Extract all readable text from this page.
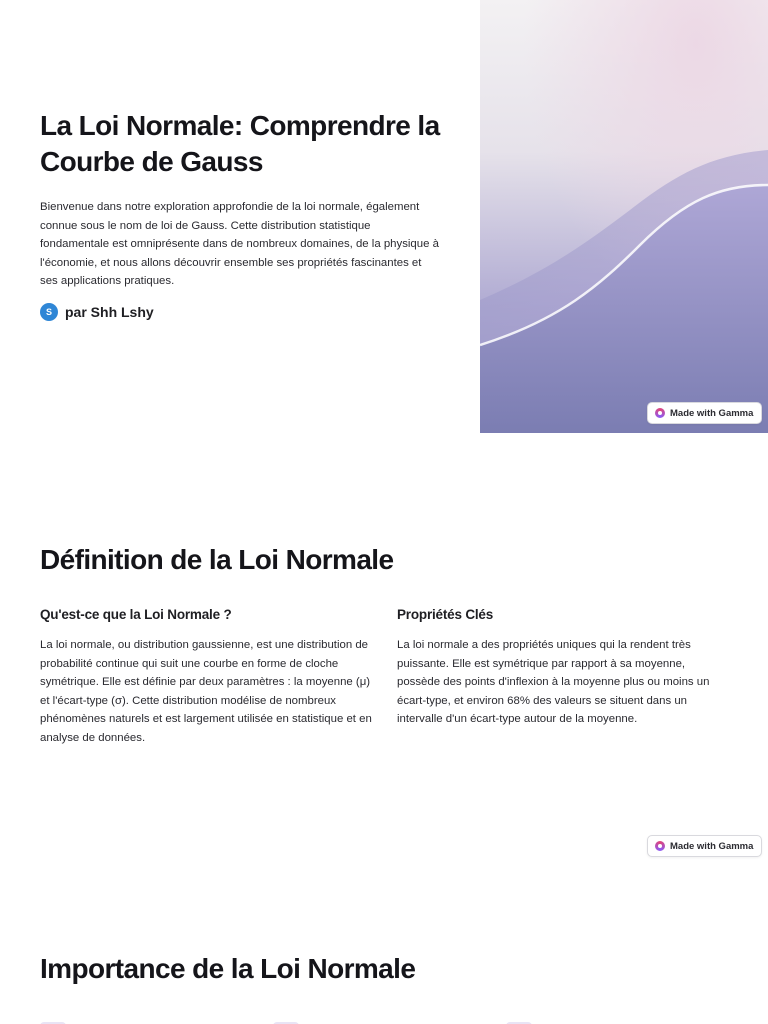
La Loi Normale: Comprendre la Courbe de Gauss

Bienvenue dans notre exploration approfondie de la loi normale, également connue sous le nom de loi de Gauss. Cette distribution statistique fondamentale est omniprésente dans de nombreux domaines, de la physique à l'économie, et nous allons découvrir ensemble ses propriétés fascinantes et ses applications pratiques.

S par Shh Lshy
Made with Gamma
Définition de la Loi Normale
Qu'est-ce que la Loi Normale ?

La loi normale, ou distribution gaussienne, est une distribution de probabilité continue qui suit une courbe en forme de cloche symétrique. Elle est définie par deux paramètres : la moyenne (μ) et l'écart-type (σ). Cette distribution modélise de nombreux phénomènes naturels et est largement utilisée en statistique et en analyse de données.

Propriétés Clés

La loi normale a des propriétés uniques qui la rendent très puissante. Elle est symétrique par rapport à sa moyenne, possède des points d'inflexion à la moyenne plus ou moins un écart-type, et environ 68% des valeurs se situent dans un intervalle d'un écart-type autour de la moyenne.

Made with Gamma
Importance de la Loi Normale
